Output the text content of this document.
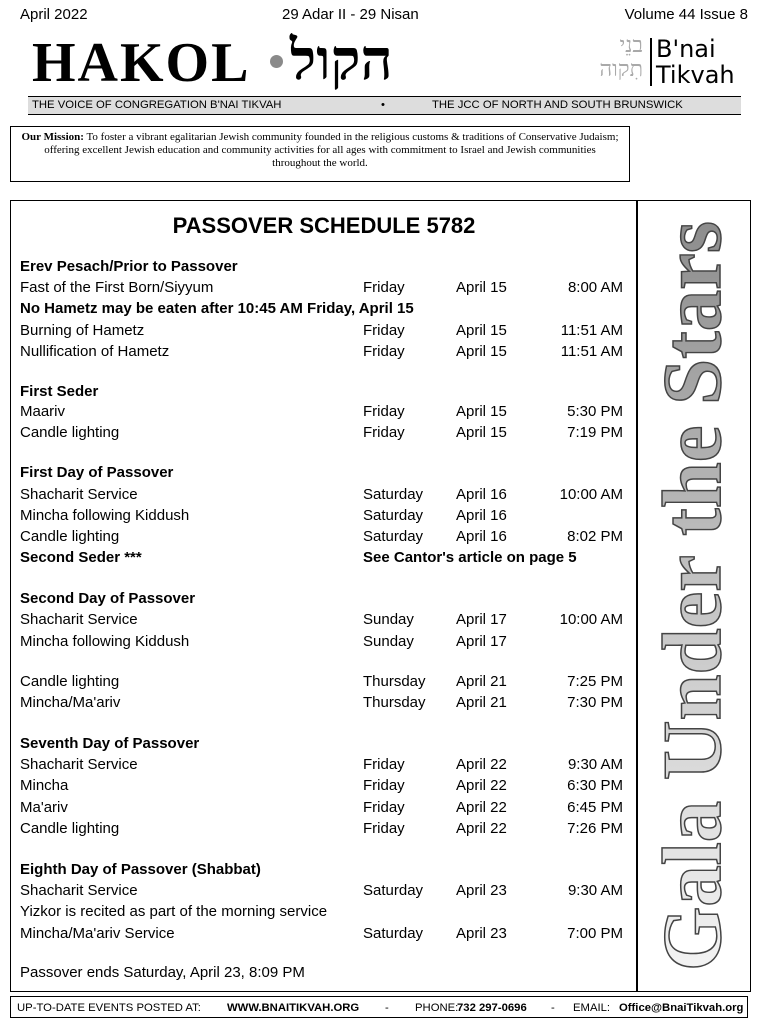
April 2022	29 Adar II - 29 Nisan	Volume 44 Issue 8
HAKOL הקול	בנֵי
תִקוה
B'nai
Tikvah
THE VOICE OF CONGREGATION B'NAI TIKVAH	•	THE JCC OF NORTH AND SOUTH BRUNSWICK
Our Mission: To foster a vibrant egalitarian Jewish community founded in the religious customs & traditions of Conservative Judaism; offering excellent Jewish education and community activities for all ages with commitment to Israel and Jewish communities throughout the world.
PASSOVER SCHEDULE 5782
Erev Pesach/Prior to Passover
Fast of the First Born/Siyyum	Friday	April 15	8:00 AM
No Hametz may be eaten after 10:45 AM Friday, April 15
Burning of Hametz	Friday	April 15	11:51 AM
Nullification of Hametz	Friday	April 15	11:51 AM
First Seder
Maariv	Friday	April 15	5:30 PM
Candle lighting	Friday	April 15	7:19 PM
First Day of Passover
Shacharit Service	Saturday April 16	10:00 AM
Mincha following Kiddush	Saturday April 16
Candle lighting	Saturday April 16	8:02 PM
Second Seder ***	See Cantor's article on page 5
Second Day of Passover
Shacharit Service	Sunday	April 17	10:00 AM
Mincha following Kiddush	Sunday	April 17
Candle lighting	Thursday April 21	7:25 PM
Mincha/Ma'ariv	Thursday April 21	7:30 PM
Seventh Day of Passover
Shacharit Service	Friday	April 22	9:30 AM
Mincha	Friday	April 22	6:30 PM
Ma'ariv	Friday	April 22	6:45 PM
Candle lighting	Friday	April 22	7:26 PM
Eighth Day of Passover (Shabbat)
Shacharit Service	Saturday April 23	9:30 AM
Yizkor is recited as part of the morning service
Mincha/Ma'ariv Service	Saturday April 23	7:00 PM
Passover ends Saturday, April 23, 8:09 PM
Gala Under the Stars
UP-TO-DATE EVENTS POSTED AT: WWW.BNAITIKVAH.ORG - PHONE:
732 297-0696 - EMAIL: Office@BnaiTikvah.org
